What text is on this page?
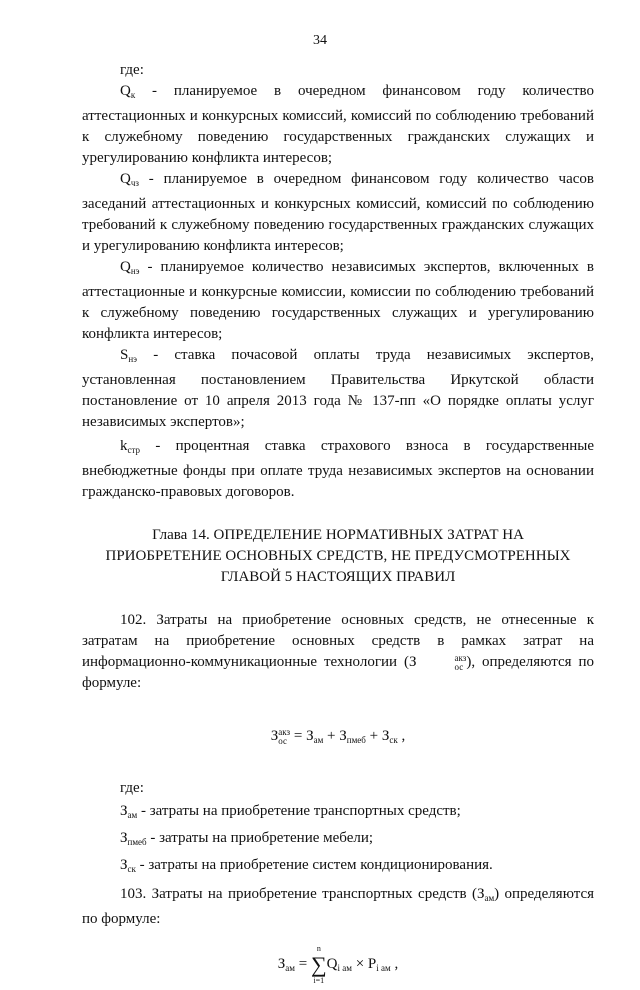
34

где:

$Q_к$ - планируемое в очередном финансовом году количество аттестационных и конкурсных комиссий, комиссий по соблюдению требований к служебному поведению государственных гражданских служащих и урегулированию конфликта интересов;

$Q_{чз}$ - планируемое в очередном финансовом году количество часов заседаний аттестационных и конкурсных комиссий, комиссий по соблюдению требований к служебному поведению государственных гражданских служащих и урегулированию конфликта интересов;

$Q_{нэ}$ - планируемое количество независимых экспертов, включенных в аттестационные и конкурсные комиссии, комиссии по соблюдению требований к служебному поведению государственных служащих и урегулированию конфликта интересов;

$S_{нэ}$ - ставка почасовой оплаты труда независимых экспертов, установленная постановлением Правительства Иркутской области постановление от 10 апреля 2013 года № 137-пп «О порядке оплаты услуг независимых экспертов»;

$k_{стр}$ - процентная ставка страхового взноса в государственные внебюджетные фонды при оплате труда независимых экспертов на основании гражданско-правовых договоров.

Глава 14. ОПРЕДЕЛЕНИЕ НОРМАТИВНЫХ ЗАТРАТ НА
ПРИОБРЕТЕНИЕ ОСНОВНЫХ СРЕДСТВ, НЕ ПРЕДУСМОТРЕННЫХ
ГЛАВОЙ 5 НАСТОЯЩИХ ПРАВИЛ

102. Затраты на приобретение основных средств, не отнесенные к затратам на приобретение основных средств в рамках затрат на информационно-коммуникационные технологии (З	акз
ос ), определяются по формуле:

З акз
ос = $З_{ам} + З_{пмеб} + З_{ск}$ ,

где:

$З_{ам}$ - затраты на приобретение транспортных средств;

$З_{пмеб}$ - затраты на приобретение мебели;

$З_{ск}$ - затраты на приобретение систем кондиционирования.

103. Затраты на приобретение транспортных средств $(З_{ам})$ определяются по формуле:

$З_{ам}$ =
n
∑
i=1
$Q_{i ам} \times P_{i ам}$ ,
